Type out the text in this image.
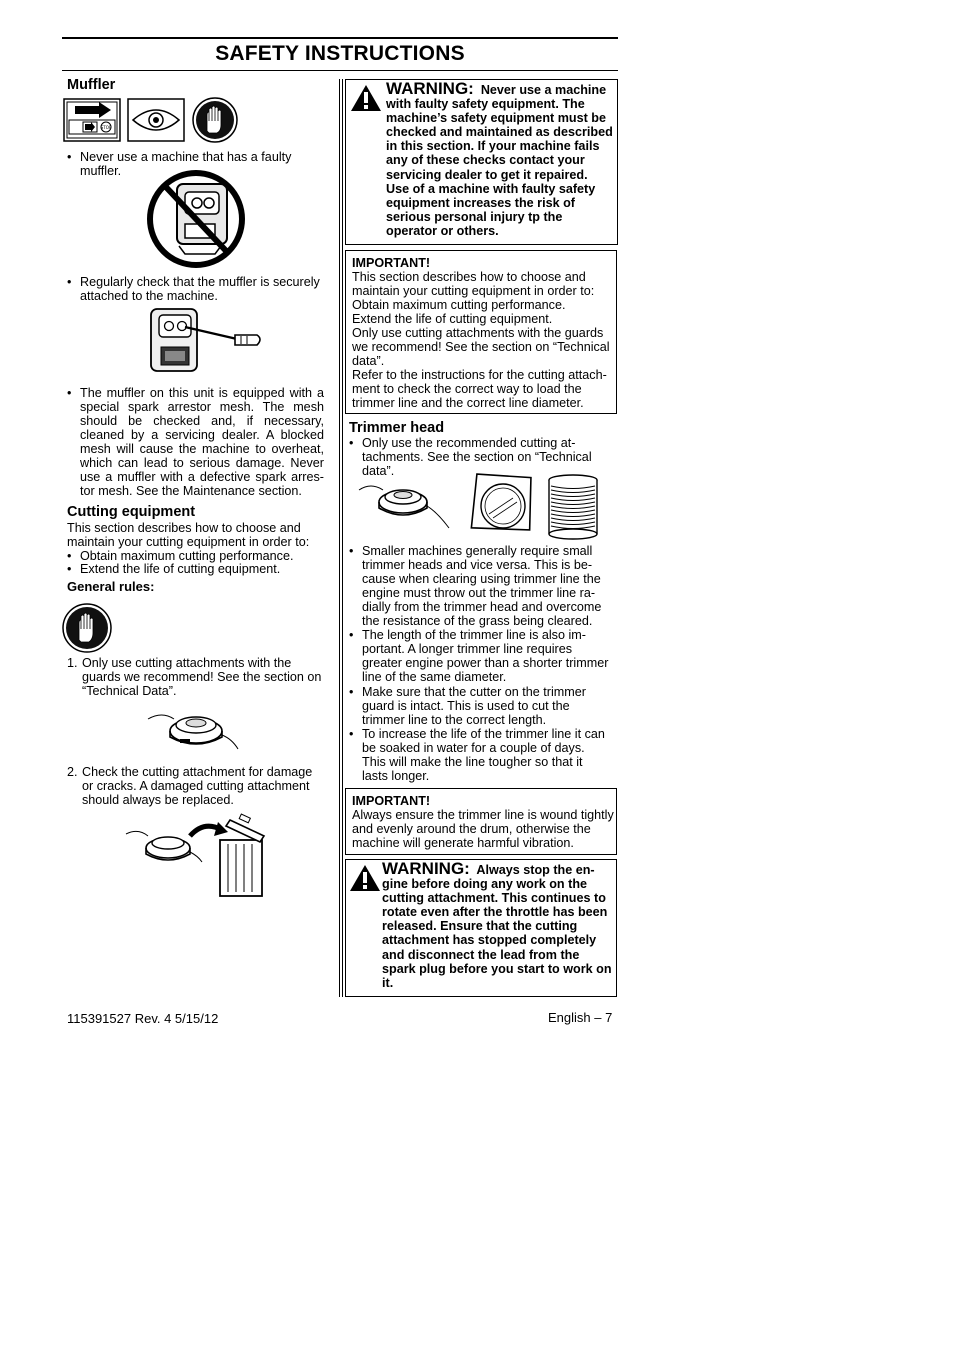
SAFETY INSTRUCTIONS
Muffler
STOP
• Never use a machine that has a faulty muffler.
• Regularly check that the muffler is securely attached to the machine.
• The muffler on this unit is equipped with a special spark arrestor mesh. The mesh should be checked and, if necessary, cleaned by a servicing dealer. A blocked mesh will cause the machine to overheat, which can lead to serious damage. Never use a muffler with a defective spark arres- tor mesh. See the Maintenance section.
Cutting equipment
This section describes how to choose and maintain your cutting equipment in order to:
• Obtain maximum cutting performance.
• Extend the life of cutting equipment.
General rules:
1. Only use cutting attachments with the guards we recommend! See the section on “Technical Data”.
2. Check the cutting attachment for damage or cracks. A damaged cutting attachment should always be replaced.
WARNING: Never use a machine with faulty safety equipment. The machine’s safety equipment must be checked and maintained as described in this section. If your machine fails any of these checks contact your servicing dealer to get it repaired. Use of a machine with faulty safety equipment increases the risk of serious personal injury tp the operator or others.
IMPORTANT!
This section describes how to choose and maintain your cutting equipment in order to:
Obtain maximum cutting performance.
Extend the life of cutting equipment.
Only use cutting attachments with the guards we recommend! See the section on “Technical data”.
Refer to the instructions for the cutting attach- ment to check the correct way to load the trimmer line and the correct line diameter.
Trimmer head
• Only use the recommended cutting at- tachments. See the section on “Technical data”.
• Smaller machines generally require small trimmer heads and vice versa. This is be- cause when clearing using trimmer line the engine must throw out the trimmer line ra- dially from the trimmer head and overcome the resistance of the grass being cleared.
• The length of the trimmer line is also im- portant. A longer trimmer line requires greater engine power than a shorter trimmer line of the same diameter.
• Make sure that the cutter on the trimmer guard is intact. This is used to cut the trimmer line to the correct length.
• To increase the life of the trimmer line it can be soaked in water for a couple of days. This will make the line tougher so that it lasts longer.
IMPORTANT!
Always ensure the trimmer line is wound tightly and evenly around the drum, otherwise the machine will generate harmful vibration.
WARNING: Always stop the en- gine before doing any work on the cutting attachment. This continues to rotate even after the throttle has been released. Ensure that the cutting attachment has stopped completely and disconnect the lead from the spark plug before you start to work on it.
115391527 Rev. 4 5/15/12	English – 7
